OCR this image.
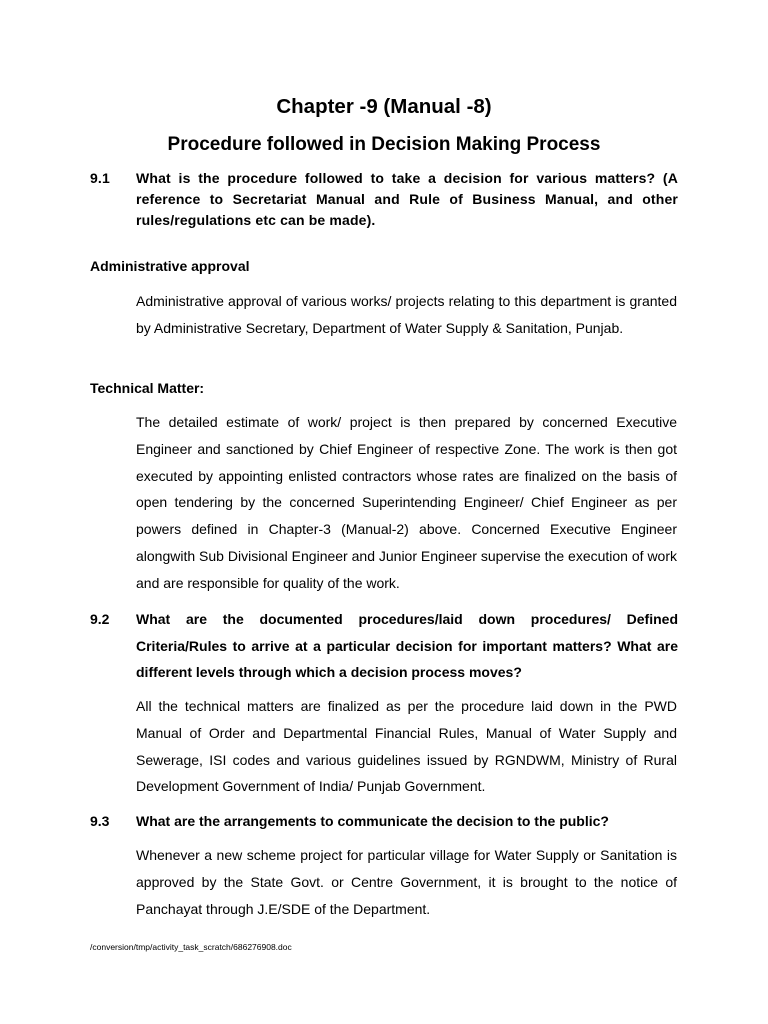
Chapter -9 (Manual -8)
Procedure followed in Decision Making Process
9.1 What is the procedure followed to take a decision for various matters? (A reference to Secretariat Manual and Rule of Business Manual, and other rules/regulations etc can be made).
Administrative approval

Administrative approval of various works/ projects relating to this department is granted by Administrative Secretary, Department of Water Supply & Sanitation, Punjab.

Technical Matter:

The detailed estimate of work/ project is then prepared by concerned Executive Engineer and sanctioned by Chief Engineer of respective Zone. The work is then got executed by appointing enlisted contractors whose rates are finalized on the basis of open tendering by the concerned Superintending Engineer/ Chief Engineer as per powers defined in Chapter-3 (Manual-2) above. Concerned Executive Engineer alongwith Sub Divisional Engineer and Junior Engineer supervise the execution of work and are responsible for quality of the work.

9.2 What are the documented procedures/laid down procedures/ Defined Criteria/Rules to arrive at a particular decision for important matters? What are different levels through which a decision process moves?

All the technical matters are finalized as per the procedure laid down in the PWD Manual of Order and Departmental Financial Rules, Manual of Water Supply and Sewerage, ISI codes and various guidelines issued by RGNDWM, Ministry of Rural Development Government of India/ Punjab Government.

9.3 What are the arrangements to communicate the decision to the public?

Whenever a new scheme project for particular village for Water Supply or Sanitation is approved by the State Govt. or Centre Government, it is brought to the notice of Panchayat through J.E/SDE of the Department.

/conversion/tmp/activity_task_scratch/686276908.doc
